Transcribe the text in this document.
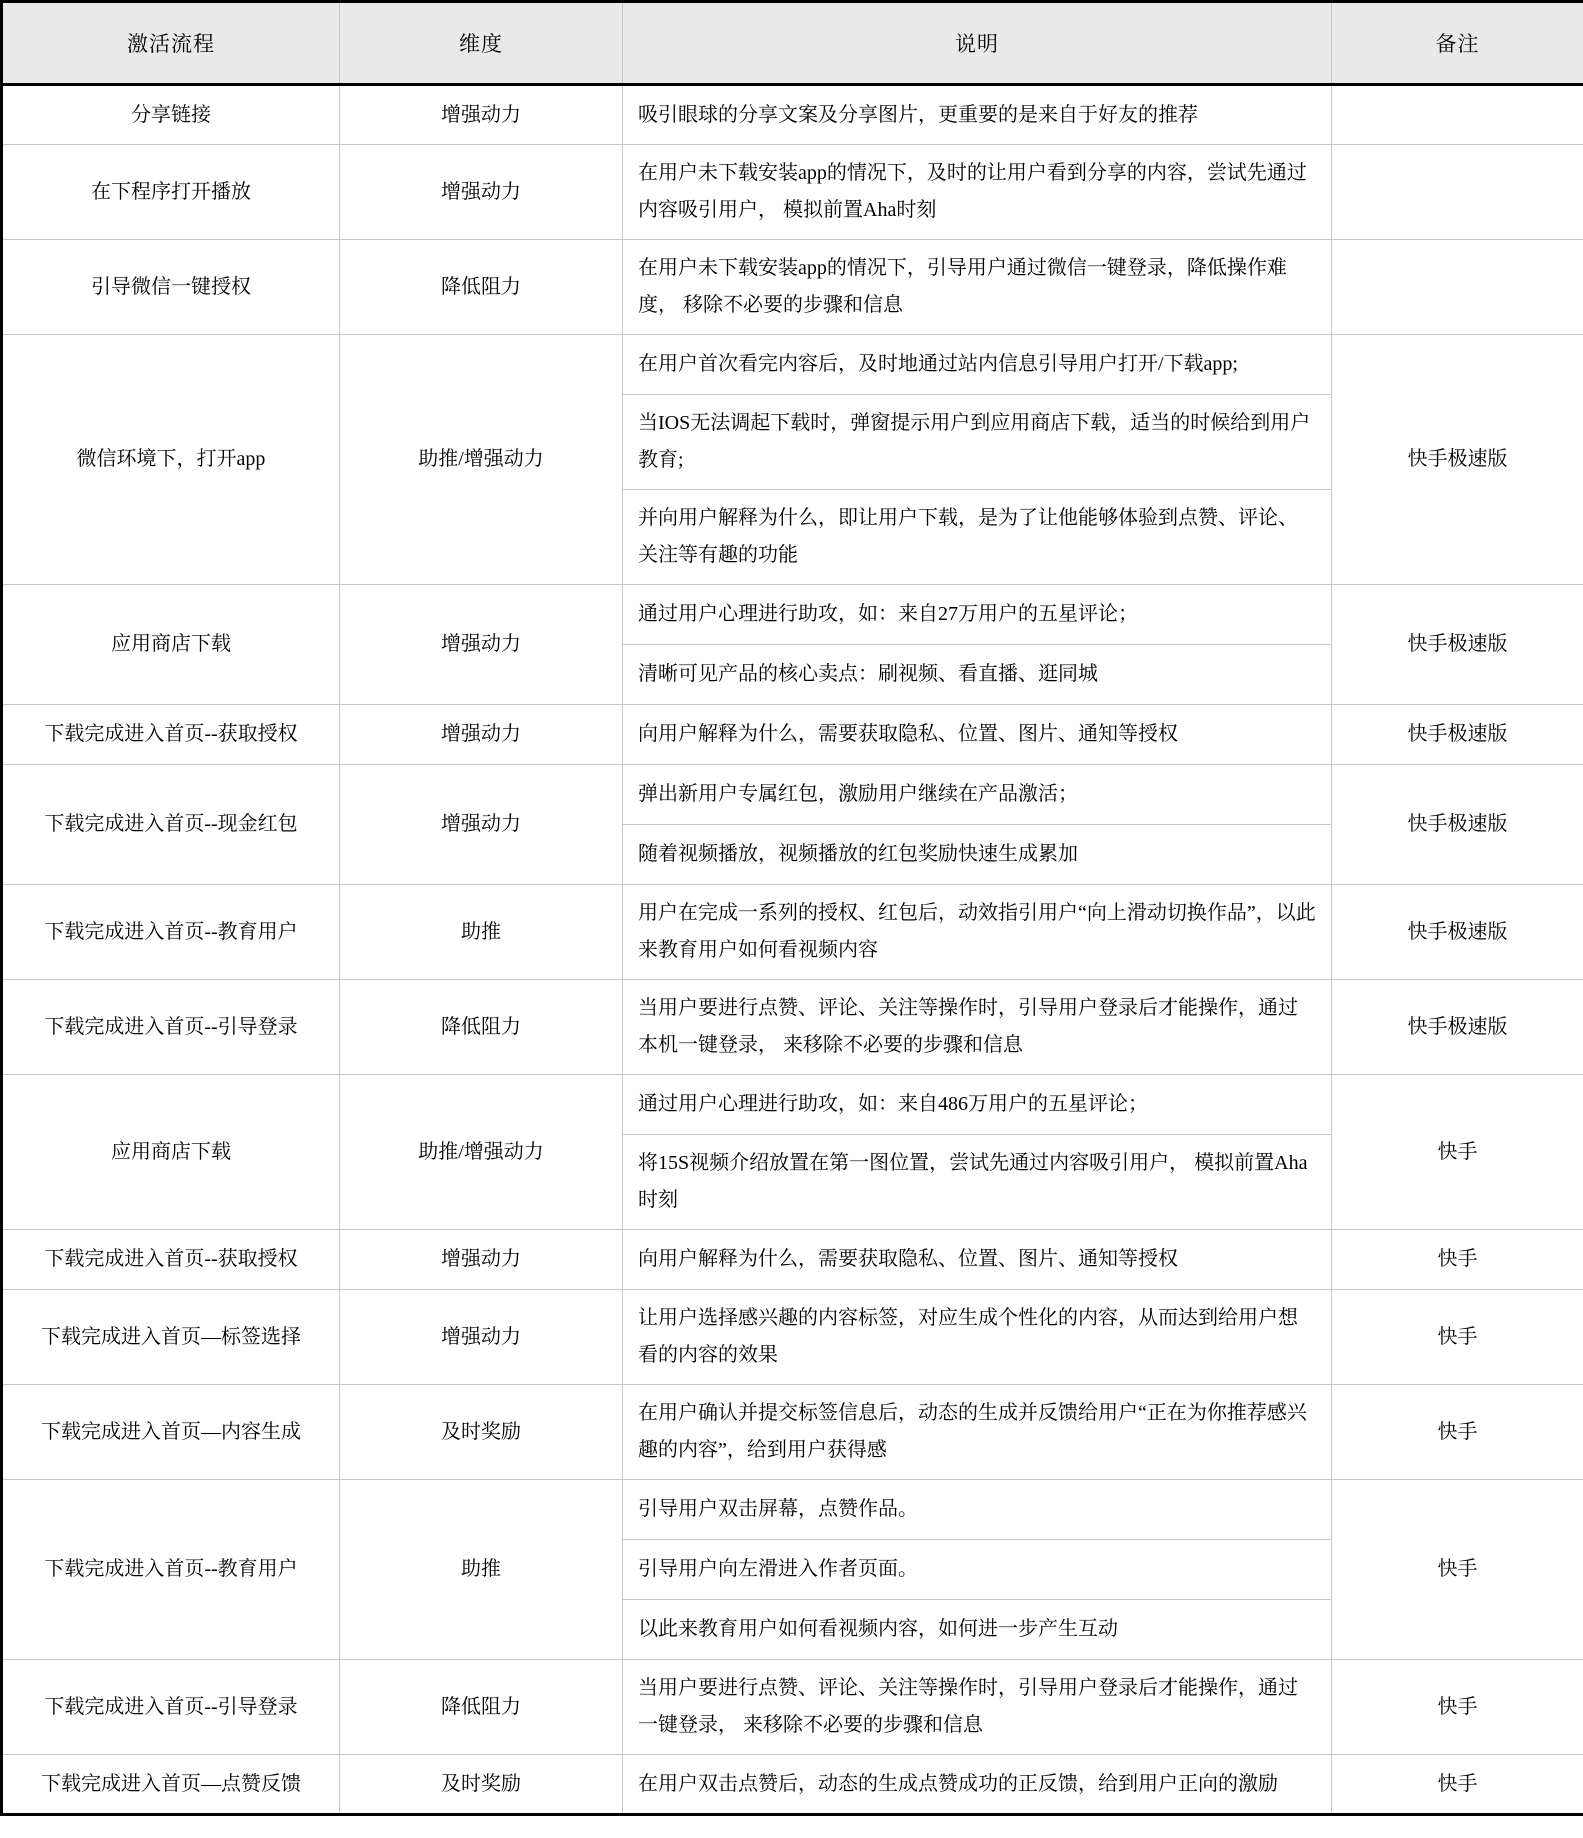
激活流程	维度	说明	备注
分享链接	增强动力	吸引眼球的分享文案及分享图片，更重要的是来自于好友的推荐	
在下程序打开播放	增强动力	在用户未下载安装app的情况下，及时的让用户看到分享的内容，尝试先通过内容吸引用户， 模拟前置Aha时刻	
引导微信一键授权	降低阻力	在用户未下载安装app的情况下，引导用户通过微信一键登录，降低操作难度， 移除不必要的步骤和信息	
微信环境下，打开app	助推/增强动力	在用户首次看完内容后，及时地通过站内信息引导用户打开/下载app;	快手极速版
		当IOS无法调起下载时，弹窗提示用户到应用商店下载，适当的时候给到用户教育;	
		并向用户解释为什么，即让用户下载，是为了让他能够体验到点赞、评论、关注等有趣的功能	
应用商店下载	增强动力	通过用户心理进行助攻，如：来自27万用户的五星评论；	快手极速版
		清晰可见产品的核心卖点：刷视频、看直播、逛同城	
下载完成进入首页--获取授权	增强动力	向用户解释为什么，需要获取隐私、位置、图片、通知等授权	快手极速版
下载完成进入首页--现金红包	增强动力	弹出新用户专属红包，激励用户继续在产品激活；	快手极速版
		随着视频播放，视频播放的红包奖励快速生成累加	
下载完成进入首页--教育用户	助推	用户在完成一系列的授权、红包后，动效指引用户“向上滑动切换作品”，以此来教育用户如何看视频内容	快手极速版
下载完成进入首页--引导登录	降低阻力	当用户要进行点赞、评论、关注等操作时，引导用户登录后才能操作，通过本机一键登录， 来移除不必要的步骤和信息	快手极速版
应用商店下载	助推/增强动力	通过用户心理进行助攻，如：来自486万用户的五星评论；	快手
		将15S视频介绍放置在第一图位置，尝试先通过内容吸引用户， 模拟前置Aha时刻	
下载完成进入首页--获取授权	增强动力	向用户解释为什么，需要获取隐私、位置、图片、通知等授权	快手
下载完成进入首页—标签选择	增强动力	让用户选择感兴趣的内容标签，对应生成个性化的内容，从而达到给用户想看的内容的效果	快手
下载完成进入首页—内容生成	及时奖励	在用户确认并提交标签信息后，动态的生成并反馈给用户“正在为你推荐感兴趣的内容”，给到用户获得感	快手
下载完成进入首页--教育用户	助推	引导用户双击屏幕，点赞作品。	快手
		引导用户向左滑进入作者页面。	
		以此来教育用户如何看视频内容，如何进一步产生互动	
下载完成进入首页--引导登录	降低阻力	当用户要进行点赞、评论、关注等操作时，引导用户登录后才能操作，通过一键登录， 来移除不必要的步骤和信息	快手
下载完成进入首页—点赞反馈	及时奖励	在用户双击点赞后，动态的生成点赞成功的正反馈，给到用户正向的激励	快手
